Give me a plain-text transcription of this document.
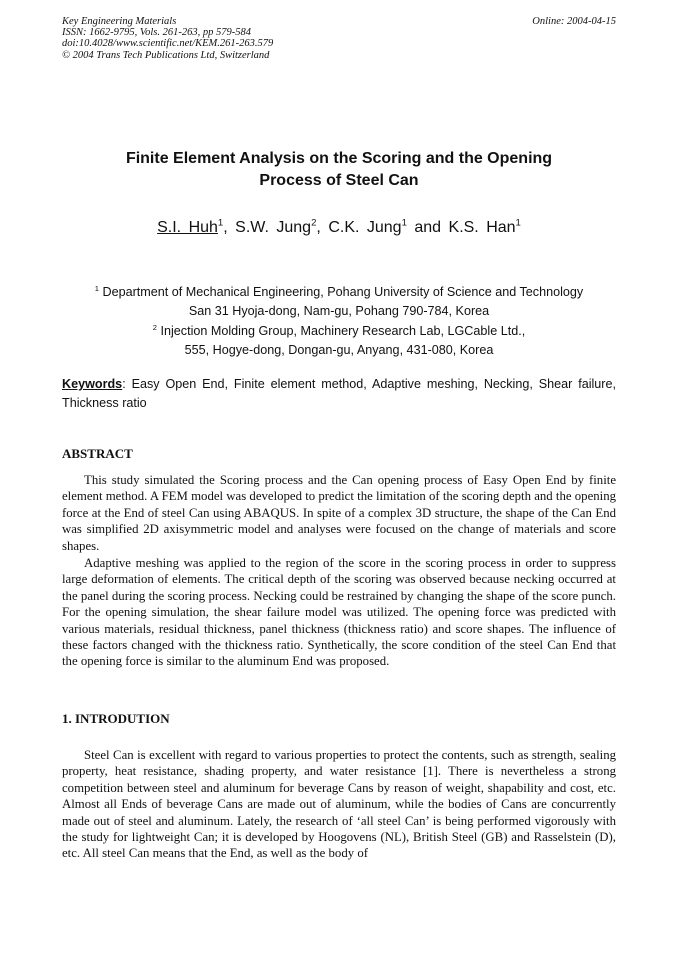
Key Engineering Materials
ISSN: 1662-9795, Vols. 261-263, pp 579-584
doi:10.4028/www.scientific.net/KEM.261-263.579
© 2004 Trans Tech Publications Ltd, Switzerland
Online: 2004-04-15
Finite Element Analysis on the Scoring and the Opening
Process of Steel Can
S.I. Huh$^1$, S.W. Jung$^2$, C.K. Jung$^1$ and K.S. Han$^1$
$^1$ Department of Mechanical Engineering, Pohang University of Science and Technology
San 31 Hyoja-dong, Nam-gu, Pohang 790-784, Korea
$^2$ Injection Molding Group, Machinery Research Lab, LGCable Ltd.,
555, Hogye-dong, Dongan-gu, Anyang, 431-080, Korea
Keywords: Easy Open End, Finite element method, Adaptive meshing, Necking, Shear failure, Thickness ratio
ABSTRACT
This study simulated the Scoring process and the Can opening process of Easy Open End by finite element method. A FEM model was developed to predict the limitation of the scoring depth and the opening force at the End of steel Can using ABAQUS. In spite of a complex 3D structure, the shape of the Can End was simplified 2D axisymmetric model and analyses were focused on the change of materials and score shapes.
Adaptive meshing was applied to the region of the score in the scoring process in order to suppress large deformation of elements. The critical depth of the scoring was observed because necking occurred at the panel during the scoring process. Necking could be restrained by changing the shape of the score punch. For the opening simulation, the shear failure model was utilized. The opening force was predicted with various materials, residual thickness, panel thickness (thickness ratio) and score shapes. The influence of these factors changed with the thickness ratio. Synthetically, the score condition of the steel Can End that the opening force is similar to the aluminum End was proposed.
1. INTRODUTION
Steel Can is excellent with regard to various properties to protect the contents, such as strength, sealing property, heat resistance, shading property, and water resistance [1]. There is nevertheless a strong competition between steel and aluminum for beverage Cans by reason of weight, shapability and cost, etc. Almost all Ends of beverage Cans are made out of aluminum, while the bodies of Cans are concurrently made out of steel and aluminum. Lately, the research of ‘all steel Can’ is being performed vigorously with the study for lightweight Can; it is developed by Hoogovens (NL), British Steel (GB) and Rasselstein (D), etc. All steel Can means that the End, as well as the body of
